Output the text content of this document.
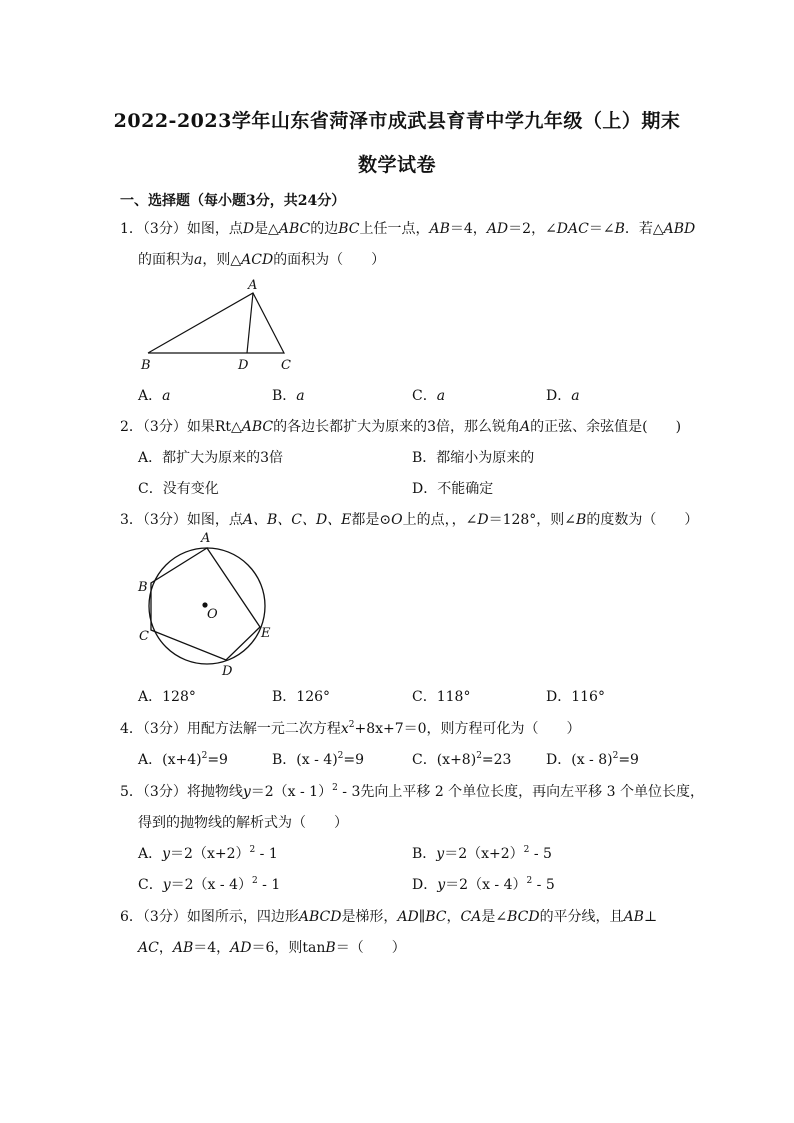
2022-2023学年山东省菏泽市成武县育青中学九年级（上）期末
数学试卷
一、选择题（每小题3分，共24分）
1．（3分）如图，点D是△ABC的边BC上任一点，AB＝4，AD＝2，∠DAC＝∠B．若△ABD
的面积为a，则△ACD的面积为（　　）
A
B	D	C
A．a	B．a	C．a	D．a
2．（3分）如果Rt△ABC的各边长都扩大为原来的3倍，那么锐角A的正弦、余弦值是(　　)
A．都扩大为原来的3倍	B．都缩小为原来的
C．没有变化	D．不能确定
3．（3分）如图，点A、B、C、D、E都是⊙O上的点，，∠D＝128°，则∠B的度数为（　　）
A
B
C
D
E
O
A．128°	B．126°	C．118°	D．116°
4．（3分）用配方法解一元二次方程$x^2+8x+7=0$，则方程可化为（　　）
A．$(x+4)^2=9$	B．(x - 4)$^2$=9	C．$(x+8)^2=23$ D．(x - 8)$^2$=9
5．（3分）将抛物线y＝2（x - 1）$^2$ - 3先向上平移 2 个单位长度，再向左平移 3 个单位长度，
得到的抛物线的解析式为（　　）
A．$y=2(x+2)^2 - 1$	B．$y=2(x+2)^2 - 5$
C．y＝2（x - 4）$^2$ - 1	D．y＝2（x - 4）$^2$ - 5
6．（3分）如图所示，四边形ABCD是梯形，AD∥BC，CA是∠BCD的平分线，且AB⊥
AC，AB＝4，AD＝6，则tanB＝（　　）
